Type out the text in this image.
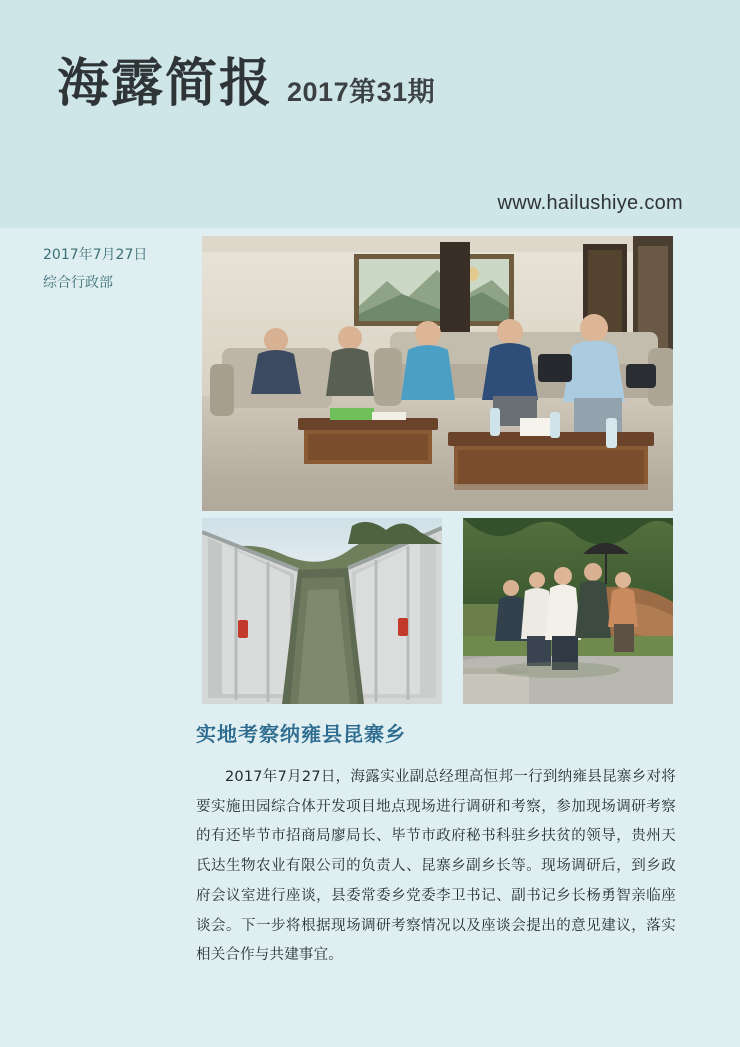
海露简报 2017第31期
www.hailushiye.com
2017年7月27日
综合行政部
实地考察纳雍县昆寨乡

2017年7月27日，海露实业副总经理高恒邦一行到纳雍县昆寨乡对将要实施田园综合体开发项目地点现场进行调研和考察，参加现场调研考察的有还毕节市招商局廖局长、毕节市政府秘书科驻乡扶贫的领导，贵州天氏达生物农业有限公司的负责人、昆寨乡副乡长等。现场调研后，到乡政府会议室进行座谈，县委常委乡党委李卫书记、副书记乡长杨勇智亲临座谈会。下一步将根据现场调研考察情况以及座谈会提出的意见建议，落实相关合作与共建事宜。
